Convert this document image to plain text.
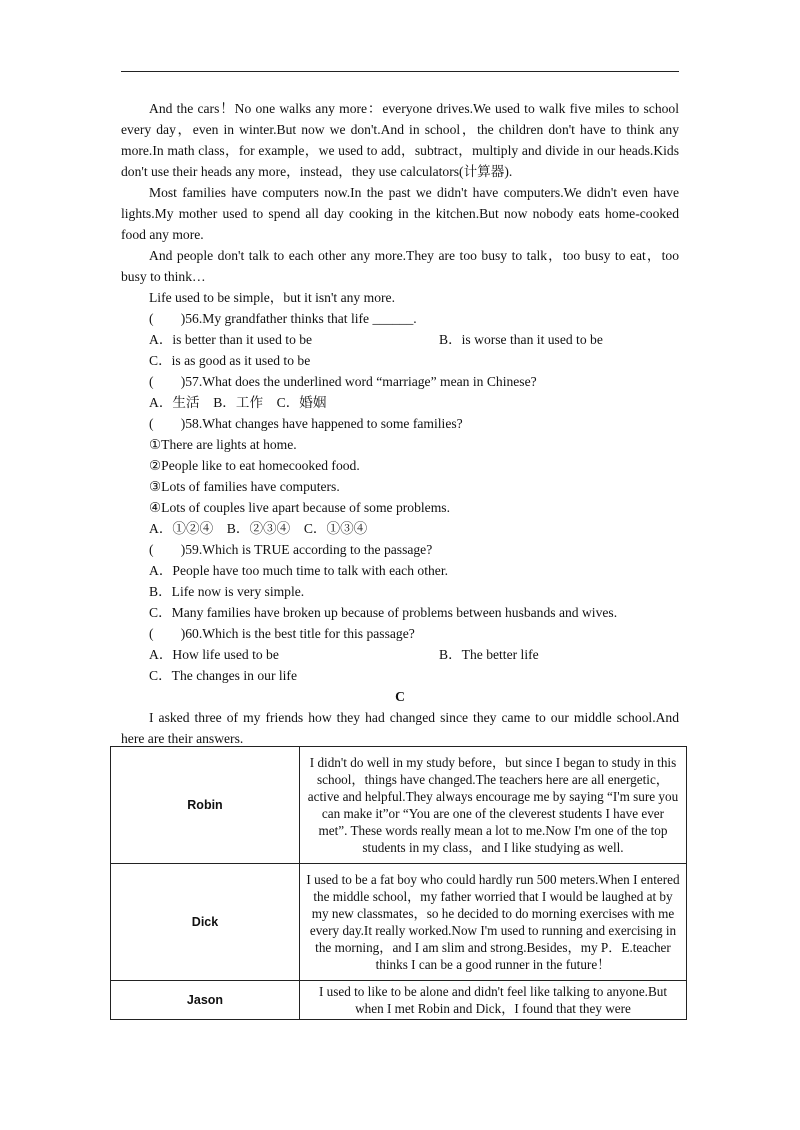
And the cars！No one walks any more：everyone drives.We used to walk five miles to school every day，even in winter.But now we don't.And in school，the children don't have to think any more.In math class，for example，we used to add，subtract，multiply and divide in our heads.Kids don't use their heads any more，instead，they use calculators(计算器).

Most families have computers now.In the past we didn't have computers.We didn't even have lights.My mother used to spend all day cooking in the kitchen.But now nobody eats home-cooked food any more.

And people don't talk to each other any more.They are too busy to talk，too busy to eat，too busy to think…

Life used to be simple，but it isn't any more.

(　　)56.My grandfather thinks that life ______.

A．is better than it used to be	B．is worse than it used to be

C．is as good as it used to be

(　　)57.What does the underlined word “marriage” mean in Chinese?

A．生活　B．工作　C．婚姻

(　　)58.What changes have happened to some families?

①There are lights at home.

②People like to eat homecooked food.

③Lots of families have computers.

④Lots of couples live apart because of some problems.

A．①②④　B．②③④　C．①③④

(　　)59.Which is TRUE according to the passage?

A．People have too much time to talk with each other.

B．Life now is very simple.

C．Many families have broken up because of problems between husbands and wives.

(　　)60.Which is the best title for this passage?

A．How life used to be	B．The better life

C．The changes in our life

C

I asked three of my friends how they had changed since they came to our middle school.And here are their answers.

Robin	I didn't do well in my study before，but since I began to study in this school，things have changed.The teachers here are all energetic，active and helpful.They always encourage me by saying “I'm sure you can make it”or “You are one of the cleverest students I have ever met”. These words really mean a lot to me.Now I'm one of the top students in my class，and I like studying as well.
Dick	I used to be a fat boy who could hardly run 500 meters.When I entered the middle school，my father worried that I would be laughed at by my new classmates，so he decided to do morning exercises with me every day.It really worked.Now I'm used to running and exercising in the morning，and I am slim and strong.Besides，my P．E.teacher thinks I can be a good runner in the future！
Jason	I used to like to be alone and didn't feel like talking to anyone.But when I met Robin and Dick，I found that they were
